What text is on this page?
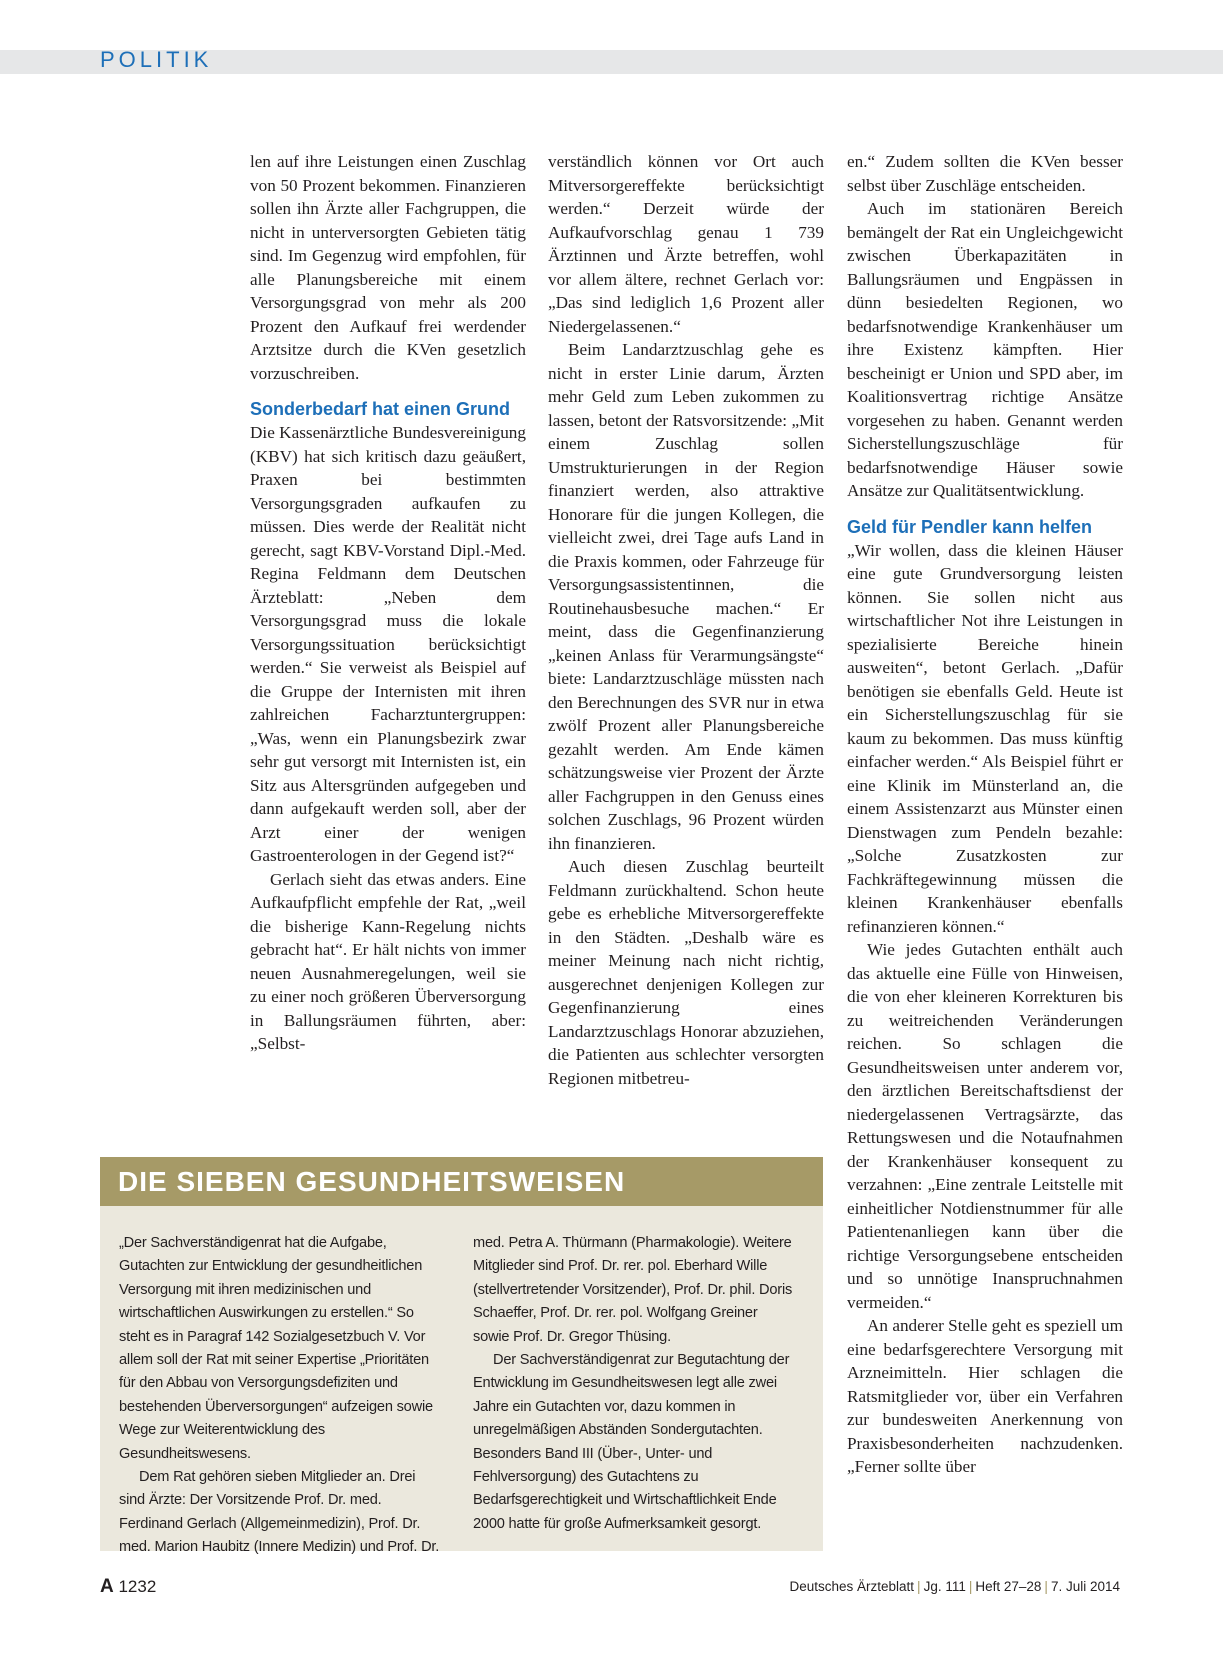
POLITIK

len auf ihre Leistungen einen Zuschlag von 50 Prozent bekommen. Finanzieren sollen ihn Ärzte aller Fachgruppen, die nicht in unterversorgten Gebieten tätig sind. Im Gegenzug wird empfohlen, für alle Planungsbereiche mit einem Versorgungsgrad von mehr als 200 Prozent den Aufkauf frei werdender Arztsitze durch die KVen gesetzlich vorzuschreiben.

Sonderbedarf hat einen Grund

Die Kassenärztliche Bundesvereinigung (KBV) hat sich kritisch dazu geäußert, Praxen bei bestimmten Versorgungsgraden aufkaufen zu müssen. Dies werde der Realität nicht gerecht, sagt KBV-Vorstand Dipl.-Med. Regina Feldmann dem Deutschen Ärzteblatt: „Neben dem Versorgungsgrad muss die lokale Versorgungssituation berücksichtigt werden.“ Sie verweist als Beispiel auf die Gruppe der Internisten mit ihren zahlreichen Facharztuntergruppen: „Was, wenn ein Planungsbezirk zwar sehr gut versorgt mit Internisten ist, ein Sitz aus Altersgründen aufgegeben und dann aufgekauft werden soll, aber der Arzt einer der wenigen Gastroenterologen in der Gegend ist?“

Gerlach sieht das etwas anders. Eine Aufkaufpflicht empfehle der Rat, „weil die bisherige Kann-Regelung nichts gebracht hat“. Er hält nichts von immer neuen Ausnahmeregelungen, weil sie zu einer noch größeren Überversorgung in Ballungsräumen führten, aber: „Selbst-

verständlich können vor Ort auch Mitversorgereffekte berücksichtigt werden.“ Derzeit würde der Aufkaufvorschlag genau 1 739 Ärztinnen und Ärzte betreffen, wohl vor allem ältere, rechnet Gerlach vor: „Das sind lediglich 1,6 Prozent aller Niedergelassenen.“

Beim Landarztzuschlag gehe es nicht in erster Linie darum, Ärzten mehr Geld zum Leben zukommen zu lassen, betont der Ratsvorsitzende: „Mit einem Zuschlag sollen Umstrukturierungen in der Region finanziert werden, also attraktive Honorare für die jungen Kollegen, die vielleicht zwei, drei Tage aufs Land in die Praxis kommen, oder Fahrzeuge für Versorgungsassistentinnen, die Routinehausbesuche machen.“ Er meint, dass die Gegenfinanzierung „keinen Anlass für Verarmungsängste“ biete: Landarztzuschläge müssten nach den Berechnungen des SVR nur in etwa zwölf Prozent aller Planungsbereiche gezahlt werden. Am Ende kämen schätzungsweise vier Prozent der Ärzte aller Fachgruppen in den Genuss eines solchen Zuschlags, 96 Prozent würden ihn finanzieren.

Auch diesen Zuschlag beurteilt Feldmann zurückhaltend. Schon heute gebe es erhebliche Mitversorgereffekte in den Städten. „Deshalb wäre es meiner Meinung nach nicht richtig, ausgerechnet denjenigen Kollegen zur Gegenfinanzierung eines Landarztzuschlags Honorar abzuziehen, die Patienten aus schlechter versorgten Regionen mitbetreu-

en.“ Zudem sollten die KVen besser selbst über Zuschläge entscheiden.

Auch im stationären Bereich bemängelt der Rat ein Ungleichgewicht zwischen Überkapazitäten in Ballungsräumen und Engpässen in dünn besiedelten Regionen, wo bedarfsnotwendige Krankenhäuser um ihre Existenz kämpften. Hier bescheinigt er Union und SPD aber, im Koalitionsvertrag richtige Ansätze vorgesehen zu haben. Genannt werden Sicherstellungszuschläge für bedarfsnotwendige Häuser sowie Ansätze zur Qualitätsentwicklung.

Geld für Pendler kann helfen

„Wir wollen, dass die kleinen Häuser eine gute Grundversorgung leisten können. Sie sollen nicht aus wirtschaftlicher Not ihre Leistungen in spezialisierte Bereiche hinein ausweiten“, betont Gerlach. „Dafür benötigen sie ebenfalls Geld. Heute ist ein Sicherstellungszuschlag für sie kaum zu bekommen. Das muss künftig einfacher werden.“ Als Beispiel führt er eine Klinik im Münsterland an, die einem Assistenzarzt aus Münster einen Dienstwagen zum Pendeln bezahle: „Solche Zusatzkosten zur Fachkräftegewinnung müssen die kleinen Krankenhäuser ebenfalls refinanzieren können.“

Wie jedes Gutachten enthält auch das aktuelle eine Fülle von Hinweisen, die von eher kleineren Korrekturen bis zu weitreichenden Veränderungen reichen. So schlagen die Gesundheitsweisen unter anderem vor, den ärztlichen Bereitschaftsdienst der niedergelassenen Vertragsärzte, das Rettungswesen und die Notaufnahmen der Krankenhäuser konsequent zu verzahnen: „Eine zentrale Leitstelle mit einheitlicher Notdienstnummer für alle Patientenanliegen kann über die richtige Versorgungsebene entscheiden und so unnötige Inanspruchnahmen vermeiden.“

An anderer Stelle geht es speziell um eine bedarfsgerechtere Versorgung mit Arzneimitteln. Hier schlagen die Ratsmitglieder vor, über ein Verfahren zur bundesweiten Anerkennung von Praxisbesonderheiten nachzudenken. „Ferner sollte über

DIE SIEBEN GESUNDHEITSWEISEN

„Der Sachverständigenrat hat die Aufgabe, Gutachten zur Entwicklung der gesundheitlichen Versorgung mit ihren medizinischen und wirtschaftlichen Auswirkungen zu erstellen.“ So steht es in Paragraf 142 Sozialgesetzbuch V. Vor allem soll der Rat mit seiner Expertise „Prioritäten für den Abbau von Versorgungsdefiziten und bestehenden Überversorgungen“ aufzeigen sowie Wege zur Weiterentwicklung des Gesundheitswesens.

Dem Rat gehören sieben Mitglieder an. Drei sind Ärzte: Der Vorsitzende Prof. Dr. med. Ferdinand Gerlach (Allgemeinmedizin), Prof. Dr. med. Marion Haubitz (Innere Medizin) und Prof. Dr.

med. Petra A. Thürmann (Pharmakologie). Weitere Mitglieder sind Prof. Dr. rer. pol. Eberhard Wille (stellvertretender Vorsitzender), Prof. Dr. phil. Doris Schaeffer, Prof. Dr. rer. pol. Wolfgang Greiner sowie Prof. Dr. Gregor Thüsing.

Der Sachverständigenrat zur Begutachtung der Entwicklung im Gesundheitswesen legt alle zwei Jahre ein Gutachten vor, dazu kommen in unregelmäßigen Abständen Sondergutachten. Besonders Band III (Über-, Unter- und Fehlversorgung) des Gutachtens zu Bedarfsgerechtigkeit und Wirtschaftlichkeit Ende 2000 hatte für große Aufmerksamkeit gesorgt.

A 1232	Deutsches Ärzteblatt | Jg. 111 | Heft 27–28 | 7. Juli 2014
